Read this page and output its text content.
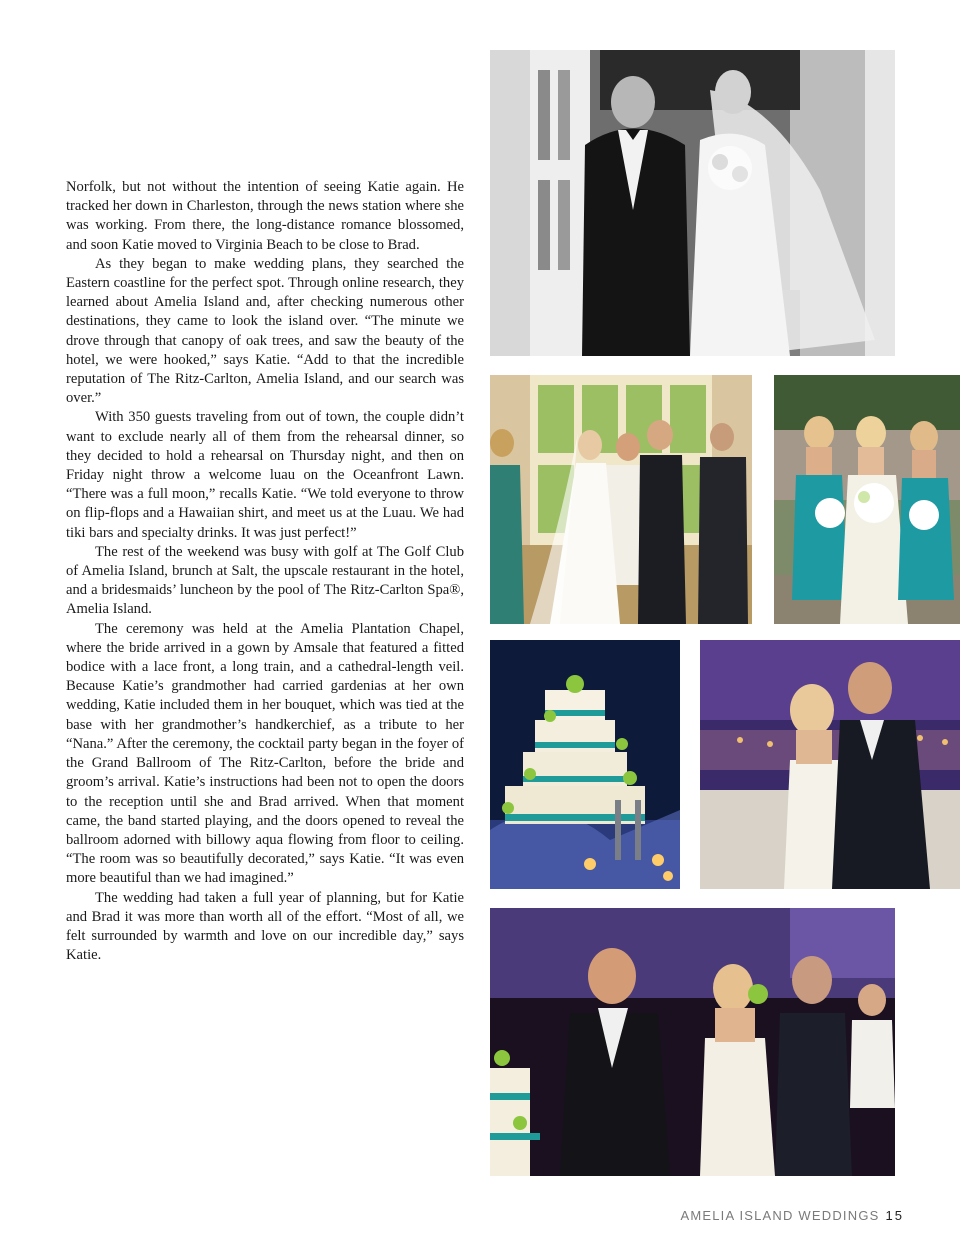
Norfolk, but not without the intention of seeing Katie again. He tracked her down in Charleston, through the news station where she was working. From there, the long-distance romance blossomed, and soon Katie moved to Virginia Beach to be close to Brad.

As they began to make wedding plans, they searched the Eastern coastline for the perfect spot. Through online research, they learned about Amelia Island and, after checking numerous other destinations, they came to look the island over. “The minute we drove through that canopy of oak trees, and saw the beauty of the hotel, we were hooked,” says Katie. “Add to that the incredible reputation of The Ritz-Carlton, Amelia Island, and our search was over.”

With 350 guests traveling from out of town, the couple didn’t want to exclude nearly all of them from the rehearsal dinner, so they decided to hold a rehearsal on Thursday night, and then on Friday night throw a welcome luau on the Oceanfront Lawn. “There was a full moon,” recalls Katie. “We told everyone to throw on flip-flops and a Hawaiian shirt, and meet us at the Luau. We had tiki bars and specialty drinks. It was just perfect!”

The rest of the weekend was busy with golf at The Golf Club of Amelia Island, brunch at Salt, the upscale restaurant in the hotel, and a bridesmaids’ luncheon by the pool of The Ritz-Carlton Spa®, Amelia Island.

The ceremony was held at the Amelia Plantation Chapel, where the bride arrived in a gown by Amsale that featured a fitted bodice with a lace front, a long train, and a cathedral-length veil. Because Katie’s grandmother had carried gardenias at her own wedding, Katie included them in her bouquet, which was tied at the base with her grandmother’s handkerchief, as a tribute to her “Nana.” After the ceremony, the cocktail party began in the foyer of the Grand Ballroom of The Ritz-Carlton, before the bride and groom’s arrival. Katie’s instructions had been not to open the doors to the reception until she and Brad arrived. When that moment came, the band started playing, and the doors opened to reveal the ballroom adorned with billowy aqua flowing from floor to ceiling. “The room was so beautifully decorated,” says Katie. “It was even more beautiful than we had imagined.”

The wedding had taken a full year of planning, but for Katie and Brad it was more than worth all of the effort. “Most of all, we felt surrounded by warmth and love on our incredible day,” says Katie.

AMELIA ISLAND WEDDINGS 15
